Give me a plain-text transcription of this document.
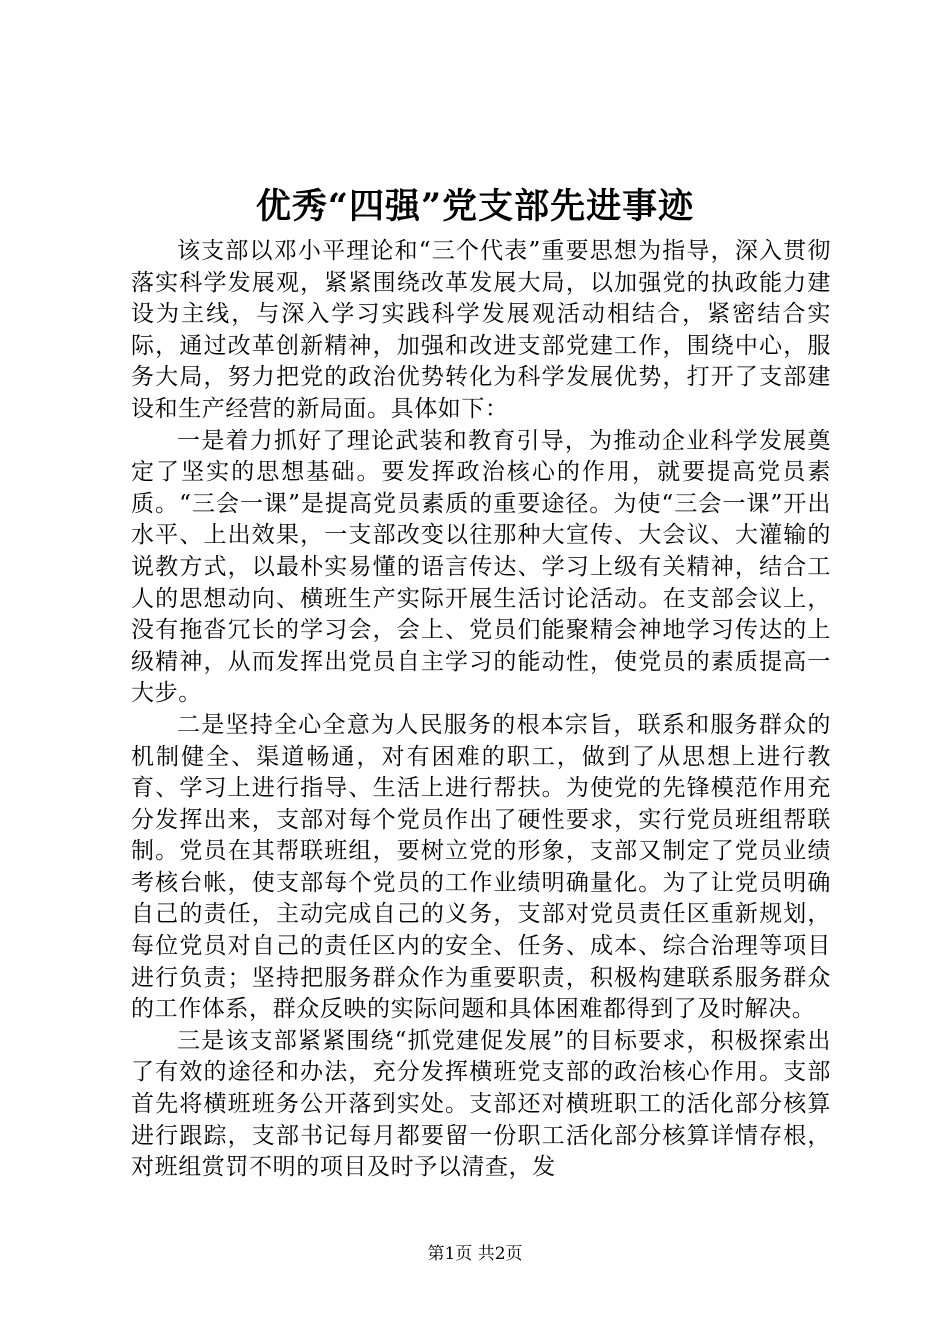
优秀“四强”党支部先进事迹

该支部以邓小平理论和“三个代表”重要思想为指导，深入贯彻落实科学发展观，紧紧围绕改革发展大局，以加强党的执政能力建设为主线，与深入学习实践科学发展观活动相结合，紧密结合实际，通过改革创新精神，加强和改进支部党建工作，围绕中心，服务大局，努力把党的政治优势转化为科学发展优势，打开了支部建设和生产经营的新局面。具体如下：

一是着力抓好了理论武装和教育引导，为推动企业科学发展奠定了坚实的思想基础。要发挥政治核心的作用，就要提高党员素质。“三会一课”是提高党员素质的重要途径。为使“三会一课”开出水平、上出效果，一支部改变以往那种大宣传、大会议、大灌输的说教方式，以最朴实易懂的语言传达、学习上级有关精神，结合工人的思想动向、横班生产实际开展生活讨论活动。在支部会议上，没有拖沓冗长的学习会，会上、党员们能聚精会神地学习传达的上级精神，从而发挥出党员自主学习的能动性，使党员的素质提高一大步。

二是坚持全心全意为人民服务的根本宗旨，联系和服务群众的机制健全、渠道畅通，对有困难的职工，做到了从思想上进行教育、学习上进行指导、生活上进行帮扶。为使党的先锋模范作用充分发挥出来，支部对每个党员作出了硬性要求，实行党员班组帮联制。党员在其帮联班组，要树立党的形象，支部又制定了党员业绩考核台帐，使支部每个党员的工作业绩明确量化。为了让党员明确自己的责任，主动完成自己的义务，支部对党员责任区重新规划，每位党员对自己的责任区内的安全、任务、成本、综合治理等项目进行负责；坚持把服务群众作为重要职责，积极构建联系服务群众的工作体系，群众反映的实际问题和具体困难都得到了及时解决。

三是该支部紧紧围绕“抓党建促发展”的目标要求，积极探索出了有效的途径和办法，充分发挥横班党支部的政治核心作用。支部首先将横班班务公开落到实处。支部还对横班职工的活化部分核算进行跟踪，支部书记每月都要留一份职工活化部分核算详情存根，对班组赏罚不明的项目及时予以清查，发

第1页 共2页
